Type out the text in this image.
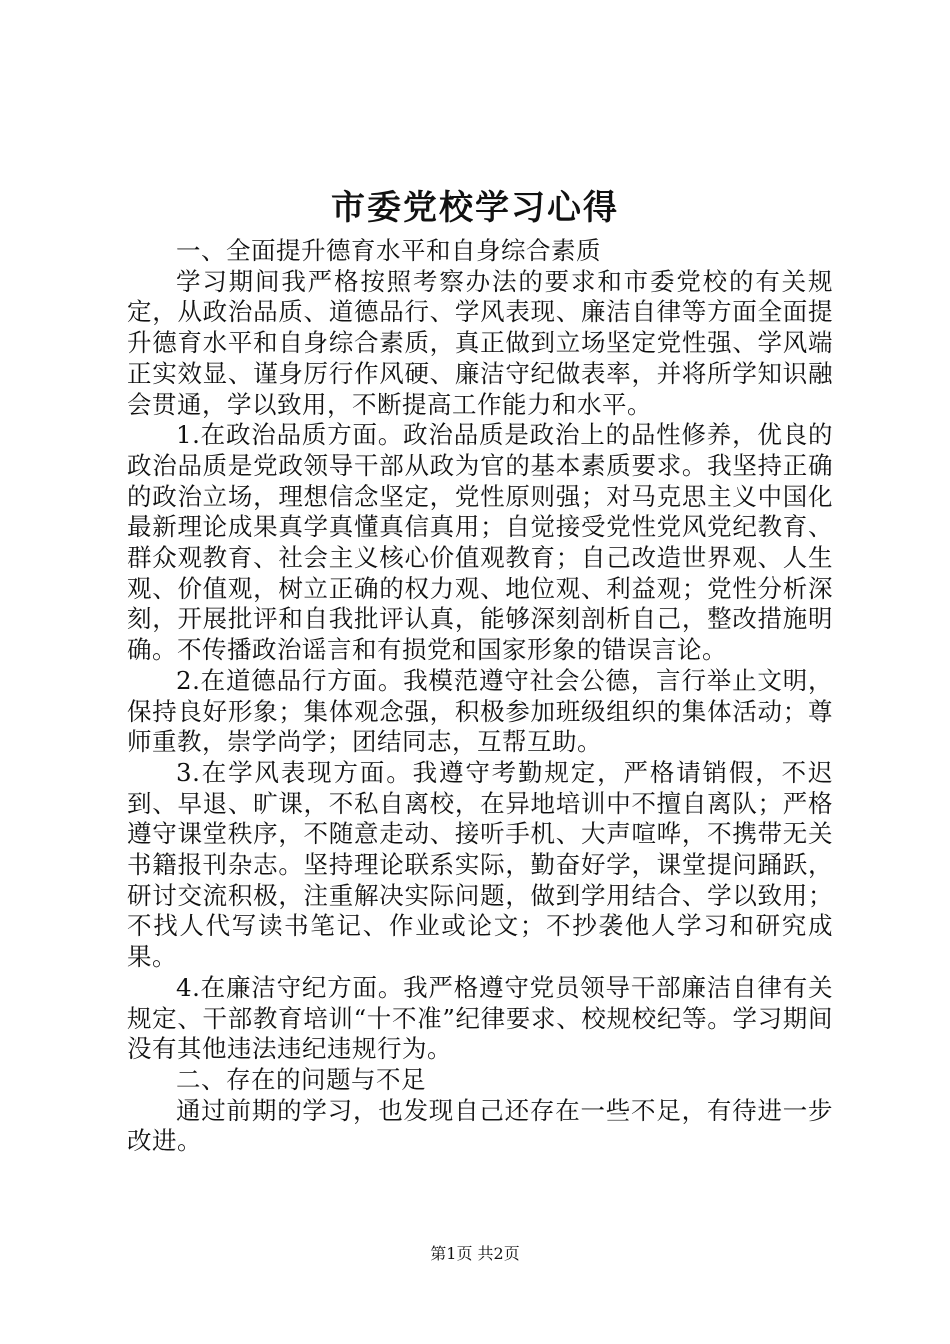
市委党校学习心得

一、全面提升德育水平和自身综合素质

学习期间我严格按照考察办法的要求和市委党校的有关规定，从政治品质、道德品行、学风表现、廉洁自律等方面全面提升德育水平和自身综合素质，真正做到立场坚定党性强、学风端正实效显、谨身厉行作风硬、廉洁守纪做表率，并将所学知识融会贯通，学以致用，不断提高工作能力和水平。

1.在政治品质方面。政治品质是政治上的品性修养，优良的政治品质是党政领导干部从政为官的基本素质要求。我坚持正确的政治立场，理想信念坚定，党性原则强；对马克思主义中国化最新理论成果真学真懂真信真用；自觉接受党性党风党纪教育、群众观教育、社会主义核心价值观教育；自己改造世界观、人生观、价值观，树立正确的权力观、地位观、利益观；党性分析深刻，开展批评和自我批评认真，能够深刻剖析自己，整改措施明确。不传播政治谣言和有损党和国家形象的错误言论。

2.在道德品行方面。我模范遵守社会公德，言行举止文明，保持良好形象；集体观念强，积极参加班级组织的集体活动；尊师重教，崇学尚学；团结同志，互帮互助。

3.在学风表现方面。我遵守考勤规定，严格请销假，不迟到、早退、旷课，不私自离校，在异地培训中不擅自离队；严格遵守课堂秩序，不随意走动、接听手机、大声喧哗，不携带无关书籍报刊杂志。坚持理论联系实际，勤奋好学，课堂提问踊跃，研讨交流积极，注重解决实际问题，做到学用结合、学以致用；不找人代写读书笔记、作业或论文；不抄袭他人学习和研究成果。

4.在廉洁守纪方面。我严格遵守党员领导干部廉洁自律有关规定、干部教育培训“十不准”纪律要求、校规校纪等。学习期间没有其他违法违纪违规行为。

二、存在的问题与不足

通过前期的学习，也发现自己还存在一些不足，有待进一步改进。

第1页 共2页
